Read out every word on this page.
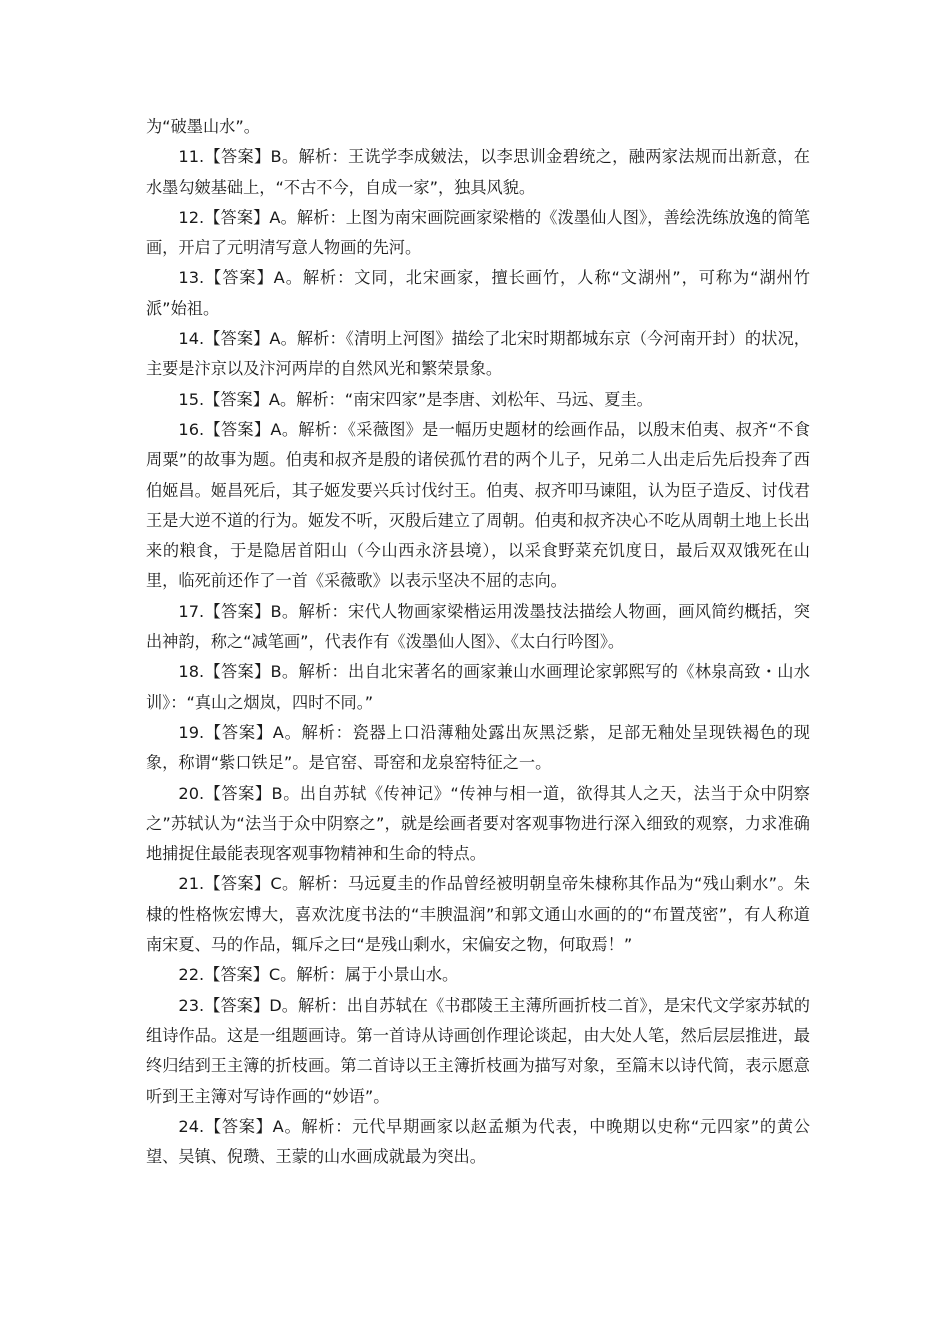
为“破墨山水”。

11.【答案】B。解析：王诜学李成皴法，以李思训金碧统之，融两家法规而出新意，在水墨勾皴基础上，“不古不今，自成一家”，独具风貌。

12.【答案】A。解析：上图为南宋画院画家梁楷的《泼墨仙人图》，善绘洗练放逸的简笔画，开启了元明清写意人物画的先河。

13.【答案】A。解析：文同，北宋画家，擅长画竹，人称“文湖州”，可称为“湖州竹派”始祖。

14.【答案】A。解析：《清明上河图》描绘了北宋时期都城东京（今河南开封）的状况，主要是汴京以及汴河两岸的自然风光和繁荣景象。

15.【答案】A。解析：“南宋四家”是李唐、刘松年、马远、夏圭。

16.【答案】A。解析：《采薇图》是一幅历史题材的绘画作品，以殷末伯夷、叔齐“不食周粟”的故事为题。伯夷和叔齐是殷的诸侯孤竹君的两个儿子，兄弟二人出走后先后投奔了西伯姬昌。姬昌死后，其子姬发要兴兵讨伐纣王。伯夷、叔齐叩马谏阻，认为臣子造反、讨伐君王是大逆不道的行为。姬发不听，灭殷后建立了周朝。伯夷和叔齐决心不吃从周朝土地上长出来的粮食，于是隐居首阳山（今山西永济县境），以采食野菜充饥度日，最后双双饿死在山里，临死前还作了一首《采薇歌》以表示坚决不屈的志向。

17.【答案】B。解析：宋代人物画家梁楷运用泼墨技法描绘人物画，画风简约概括，突出神韵，称之“减笔画”，代表作有《泼墨仙人图》、《太白行吟图》。

18.【答案】B。解析：出自北宋著名的画家兼山水画理论家郭熙写的《林泉高致・山水训》：“真山之烟岚，四时不同。”

19.【答案】A。解析：瓷器上口沿薄釉处露出灰黑泛紫，足部无釉处呈现铁褐色的现象，称谓“紫口铁足”。是官窑、哥窑和龙泉窑特征之一。

20.【答案】B。出自苏轼《传神记》“传神与相一道，欲得其人之天，法当于众中阴察之”苏轼认为“法当于众中阴察之”，就是绘画者要对客观事物进行深入细致的观察，力求准确地捕捉住最能表现客观事物精神和生命的特点。

21.【答案】C。解析：马远夏圭的作品曾经被明朝皇帝朱棣称其作品为“残山剩水”。朱棣的性格恢宏博大，喜欢沈度书法的“丰腴温润”和郭文通山水画的的“布置茂密”，有人称道南宋夏、马的作品，辄斥之曰“是残山剩水，宋偏安之物，何取焉！”

22.【答案】C。解析：属于小景山水。

23.【答案】D。解析：出自苏轼在《书郡陵王主薄所画折枝二首》，是宋代文学家苏轼的组诗作品。这是一组题画诗。第一首诗从诗画创作理论谈起，由大处人笔，然后层层推进，最终归结到王主簿的折枝画。第二首诗以王主簿折枝画为描写对象，至篇末以诗代简，表示愿意听到王主簿对写诗作画的“妙语”。

24.【答案】A。解析：元代早期画家以赵孟頫为代表，中晚期以史称“元四家”的黄公望、吴镇、倪瓒、王蒙的山水画成就最为突出。
